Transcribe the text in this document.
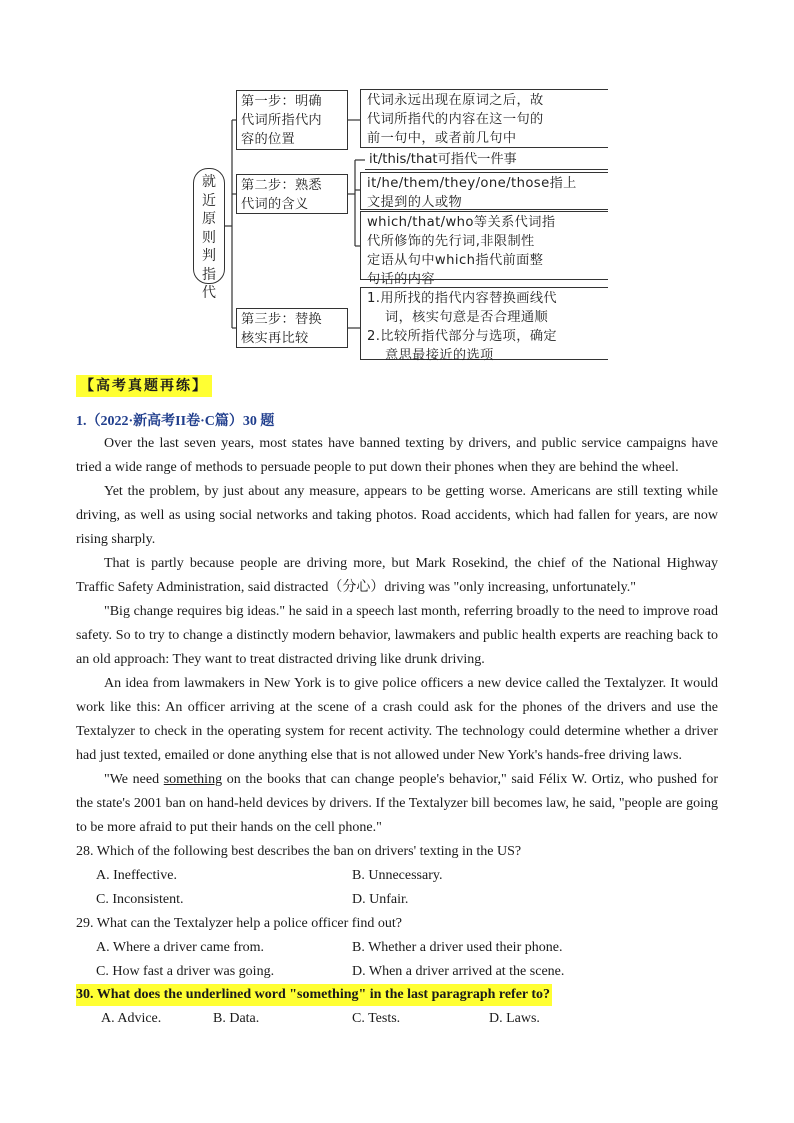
就
近
原
则
判
指
代
第一步：明确
代词所指代内
容的位置
第二步：熟悉
代词的含义
第三步：替换
核实再比较
代词永远出现在原词之后，故
代词所指代的内容在这一句的
前一句中，或者前几句中
it/this/that可指代一件事
it/he/them/they/one/those指上
文提到的人或物
which/that/who等关系代词指
代所修饰的先行词,非限制性
定语从句中which指代前面整
句话的内容
1.用所找的指代内容替换画线代
词，核实句意是否合理通顺
2.比较所指代部分与选项，确定
意思最接近的选项
【高考真题再练】
1.（2022·新高考II卷·C篇）30 题

Over the last seven years, most states have banned texting by drivers, and public service campaigns have tried a wide range of methods to persuade people to put down their phones when they are behind the wheel.

Yet the problem, by just about any measure, appears to be getting worse. Americans are still texting while driving, as well as using social networks and taking photos. Road accidents, which had fallen for years, are now rising sharply.

That is partly because people are driving more, but Mark Rosekind, the chief of the National Highway Traffic Safety Administration, said distracted（分心）driving was "only increasing, unfortunately."

"Big change requires big ideas." he said in a speech last month, referring broadly to the need to improve road safety. So to try to change a distinctly modern behavior, lawmakers and public health experts are reaching back to an old approach: They want to treat distracted driving like drunk driving.

An idea from lawmakers in New York is to give police officers a new device called the Textalyzer. It would work like this: An officer arriving at the scene of a crash could ask for the phones of the drivers and use the Textalyzer to check in the operating system for recent activity. The technology could determine whether a driver had just texted, emailed or done anything else that is not allowed under New York's hands-free driving laws.

"We need something on the books that can change people's behavior," said Félix W. Ortiz, who pushed for the state's 2001 ban on hand-held devices by drivers. If the Textalyzer bill becomes law, he said, "people are going to be more afraid to put their hands on the cell phone."

28. Which of the following best describes the ban on drivers' texting in the US?

A. Ineffective.	B. Unnecessary.
C. Inconsistent.	D. Unfair.

29. What can the Textalyzer help a police officer find out?

A. Where a driver came from.	B. Whether a driver used their phone.
C. How fast a driver was going.	D. When a driver arrived at the scene.
30. What does the underlined word "something" in the last paragraph refer to?
A. Advice.	B. Data.	C. Tests.	D. Laws.
